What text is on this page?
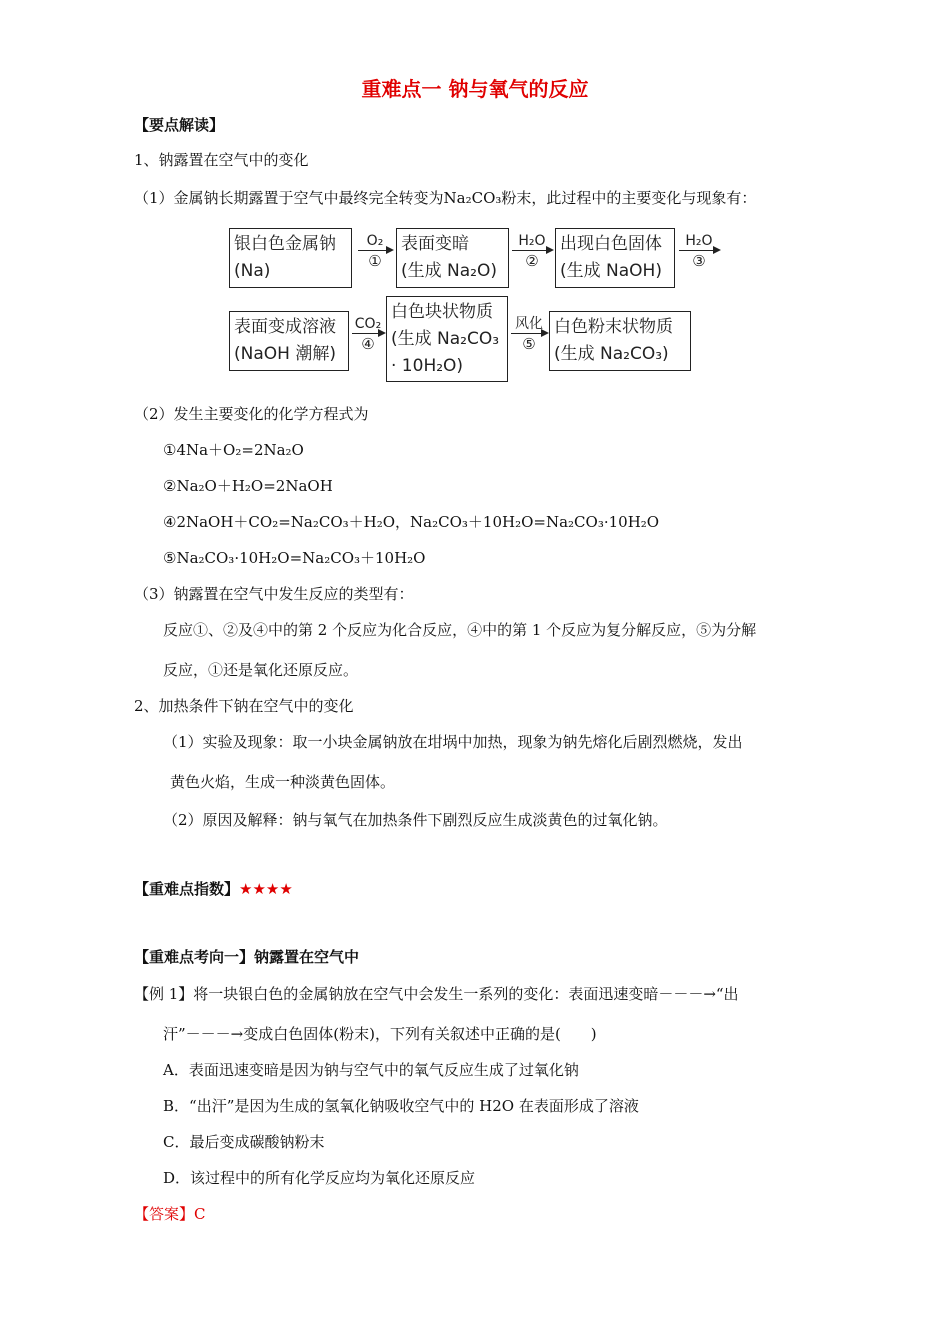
重难点一 钠与氧气的反应
【要点解读】
1、钠露置在空气中的变化
（1）金属钠长期露置于空气中最终完全转变为Na₂CO₃粉末，此过程中的主要变化与现象有：
银白色金属钠
(Na)
O₂
①
表面变暗
(生成 Na₂O)
H₂O
②
出现白色固体
(生成 NaOH)
H₂O
③
表面变成溶液
(NaOH 潮解)
CO₂
④
白色块状物质
(生成 Na₂CO₃
· 10H₂O)
风化
⑤
白色粉末状物质
(生成 Na₂CO₃)
（2）发生主要变化的化学方程式为
①4Na＋O₂=2Na₂O
②Na₂O＋H₂O=2NaOH
④2NaOH＋CO₂=Na₂CO₃＋H₂O，Na₂CO₃＋10H₂O=Na₂CO₃·10H₂O
⑤Na₂CO₃·10H₂O=Na₂CO₃＋10H₂O
（3）钠露置在空气中发生反应的类型有：
反应①、②及④中的第 2 个反应为化合反应，④中的第 1 个反应为复分解反应，⑤为分解
反应，①还是氧化还原反应。
2、加热条件下钠在空气中的变化
（1）实验及现象：取一小块金属钠放在坩埚中加热，现象为钠先熔化后剧烈燃烧，发出
黄色火焰，生成一种淡黄色固体。
（2）原因及解释：钠与氧气在加热条件下剧烈反应生成淡黄色的过氧化钠。
【重难点指数】★★★★
【重难点考向一】钠露置在空气中
【例 1】将一块银白色的金属钠放在空气中会发生一系列的变化：表面迅速变暗－－－→“出
汗”－－－→变成白色固体(粉末)，下列有关叙述中正确的是(　　)
A．表面迅速变暗是因为钠与空气中的氧气反应生成了过氧化钠
B．“出汗”是因为生成的氢氧化钠吸收空气中的 H2O 在表面形成了溶液
C．最后变成碳酸钠粉末
D．该过程中的所有化学反应均为氧化还原反应
【答案】C
